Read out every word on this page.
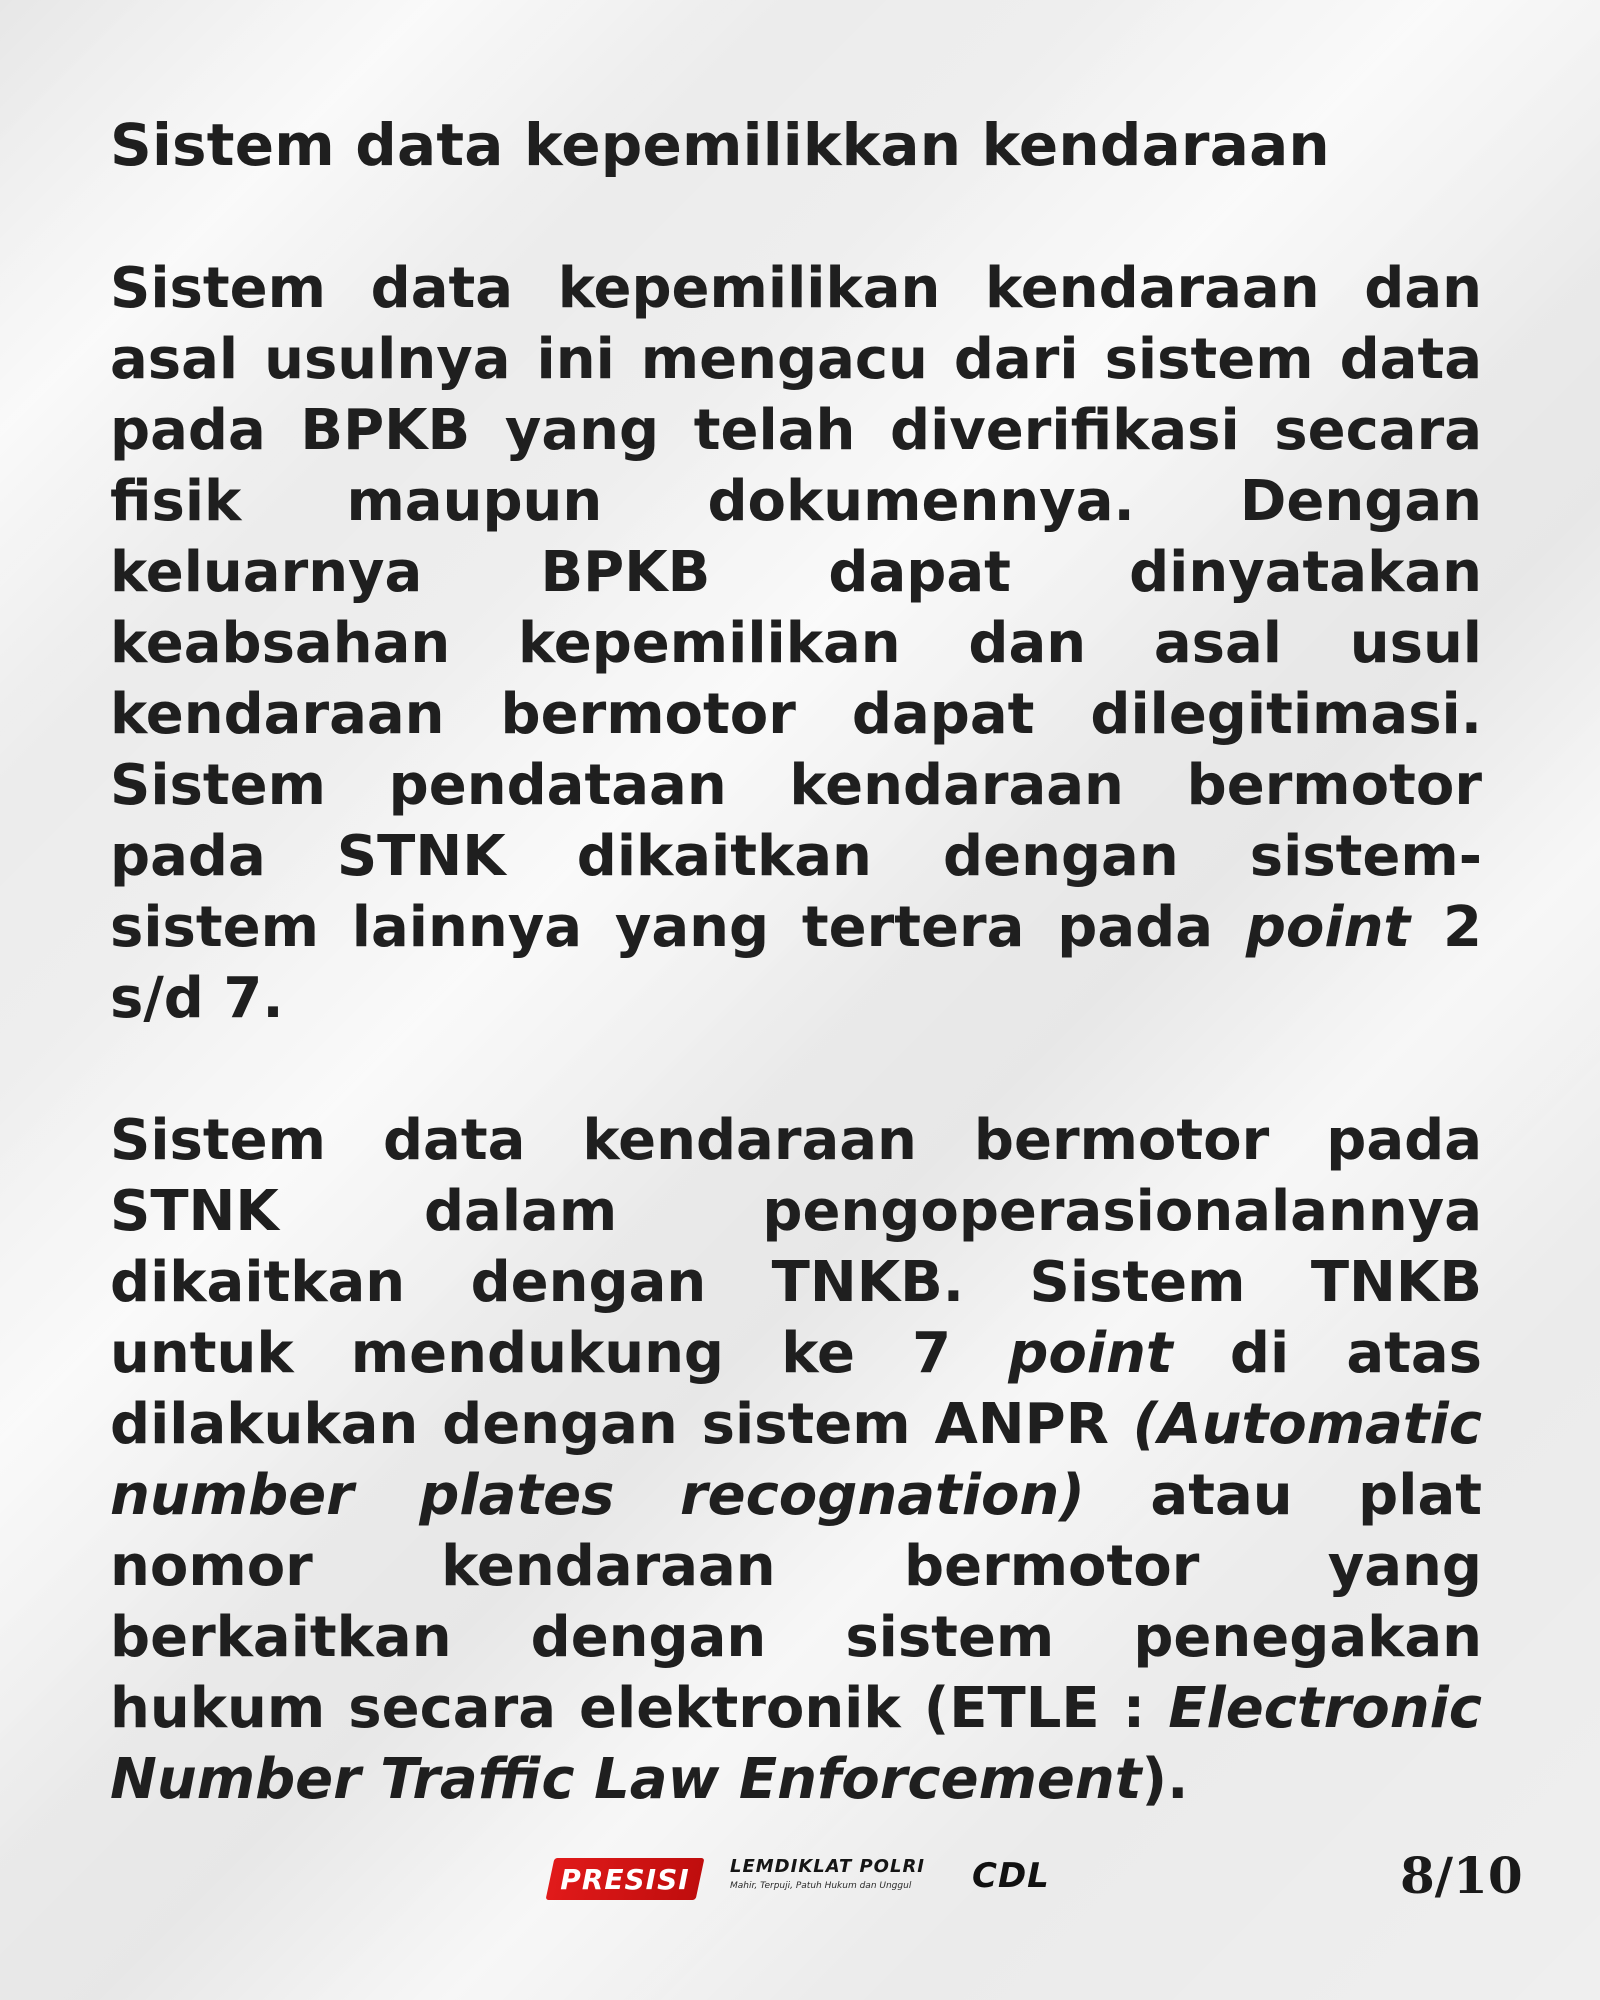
Sistem data kepemilikkan kendaraan

Sistem data kepemilikan kendaraan dan asal usulnya ini mengacu dari sistem data pada BPKB yang telah diverifikasi secara fisik maupun dokumennya. Dengan keluarnya BPKB dapat dinyatakan keabsahan kepemilikan dan asal usul kendaraan bermotor dapat dilegitimasi. Sistem pendataan kendaraan bermotor pada STNK dikaitkan dengan sistem-sistem lainnya yang tertera pada point 2 s/d 7.

Sistem data kendaraan bermotor pada STNK dalam pengoperasionalannya dikaitkan dengan TNKB. Sistem TNKB untuk mendukung ke 7 point di atas dilakukan dengan sistem ANPR (Automatic number plates recognation) atau plat nomor kendaraan bermotor yang berkaitkan dengan sistem penegakan hukum secara elektronik (ETLE : Electronic Number Traffic Law Enforcement).

PRESISI	LEMDIKLAT POLRI
Mahir, Terpuji, Patuh Hukum dan Unggul	CDL	8/10
